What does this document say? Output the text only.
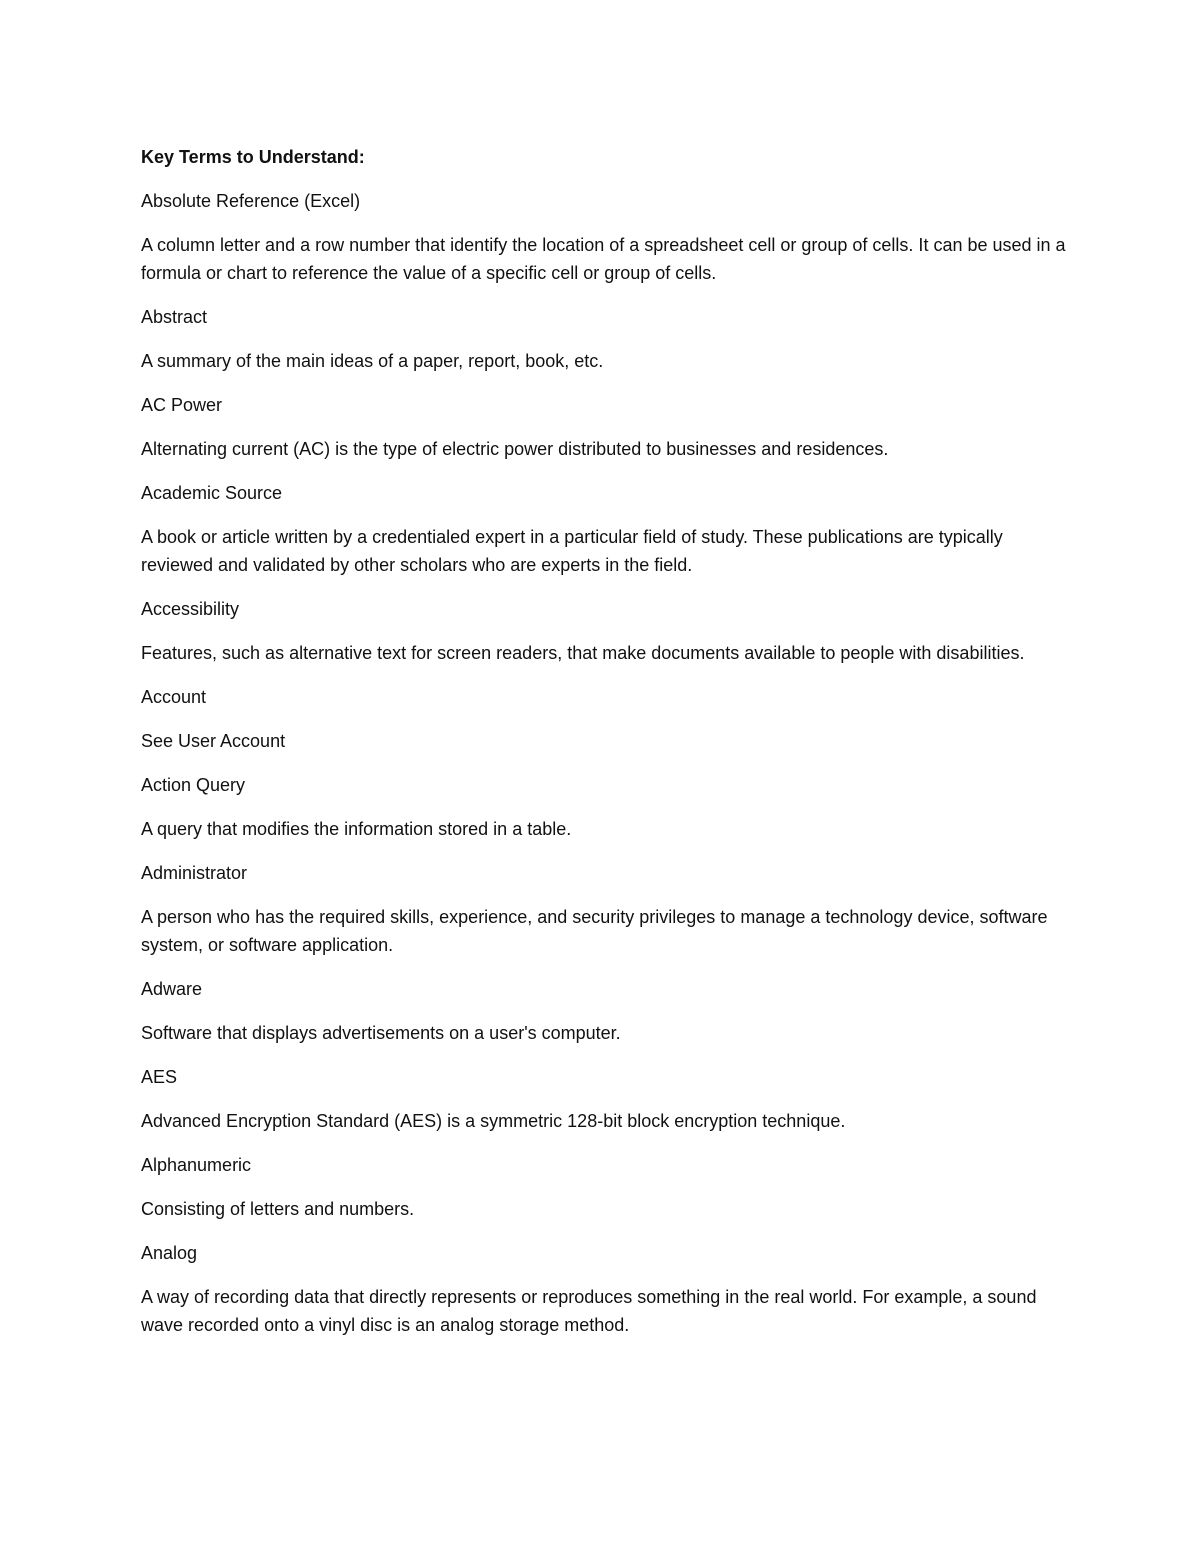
Key Terms to Understand:

Absolute Reference (Excel)

A column letter and a row number that identify the location of a spreadsheet cell or group of cells. It can be used in a formula or chart to reference the value of a specific cell or group of cells.

Abstract

A summary of the main ideas of a paper, report, book, etc.

AC Power

Alternating current (AC) is the type of electric power distributed to businesses and residences.

Academic Source

A book or article written by a credentialed expert in a particular field of study. These publications are typically reviewed and validated by other scholars who are experts in the field.

Accessibility

Features, such as alternative text for screen readers, that make documents available to people with disabilities.

Account

See User Account

Action Query

A query that modifies the information stored in a table.

Administrator

A person who has the required skills, experience, and security privileges to manage a technology device, software system, or software application.

Adware

Software that displays advertisements on a user's computer.

AES

Advanced Encryption Standard (AES) is a symmetric 128-bit block encryption technique.

Alphanumeric

Consisting of letters and numbers.

Analog

A way of recording data that directly represents or reproduces something in the real world. For example, a sound wave recorded onto a vinyl disc is an analog storage method.
